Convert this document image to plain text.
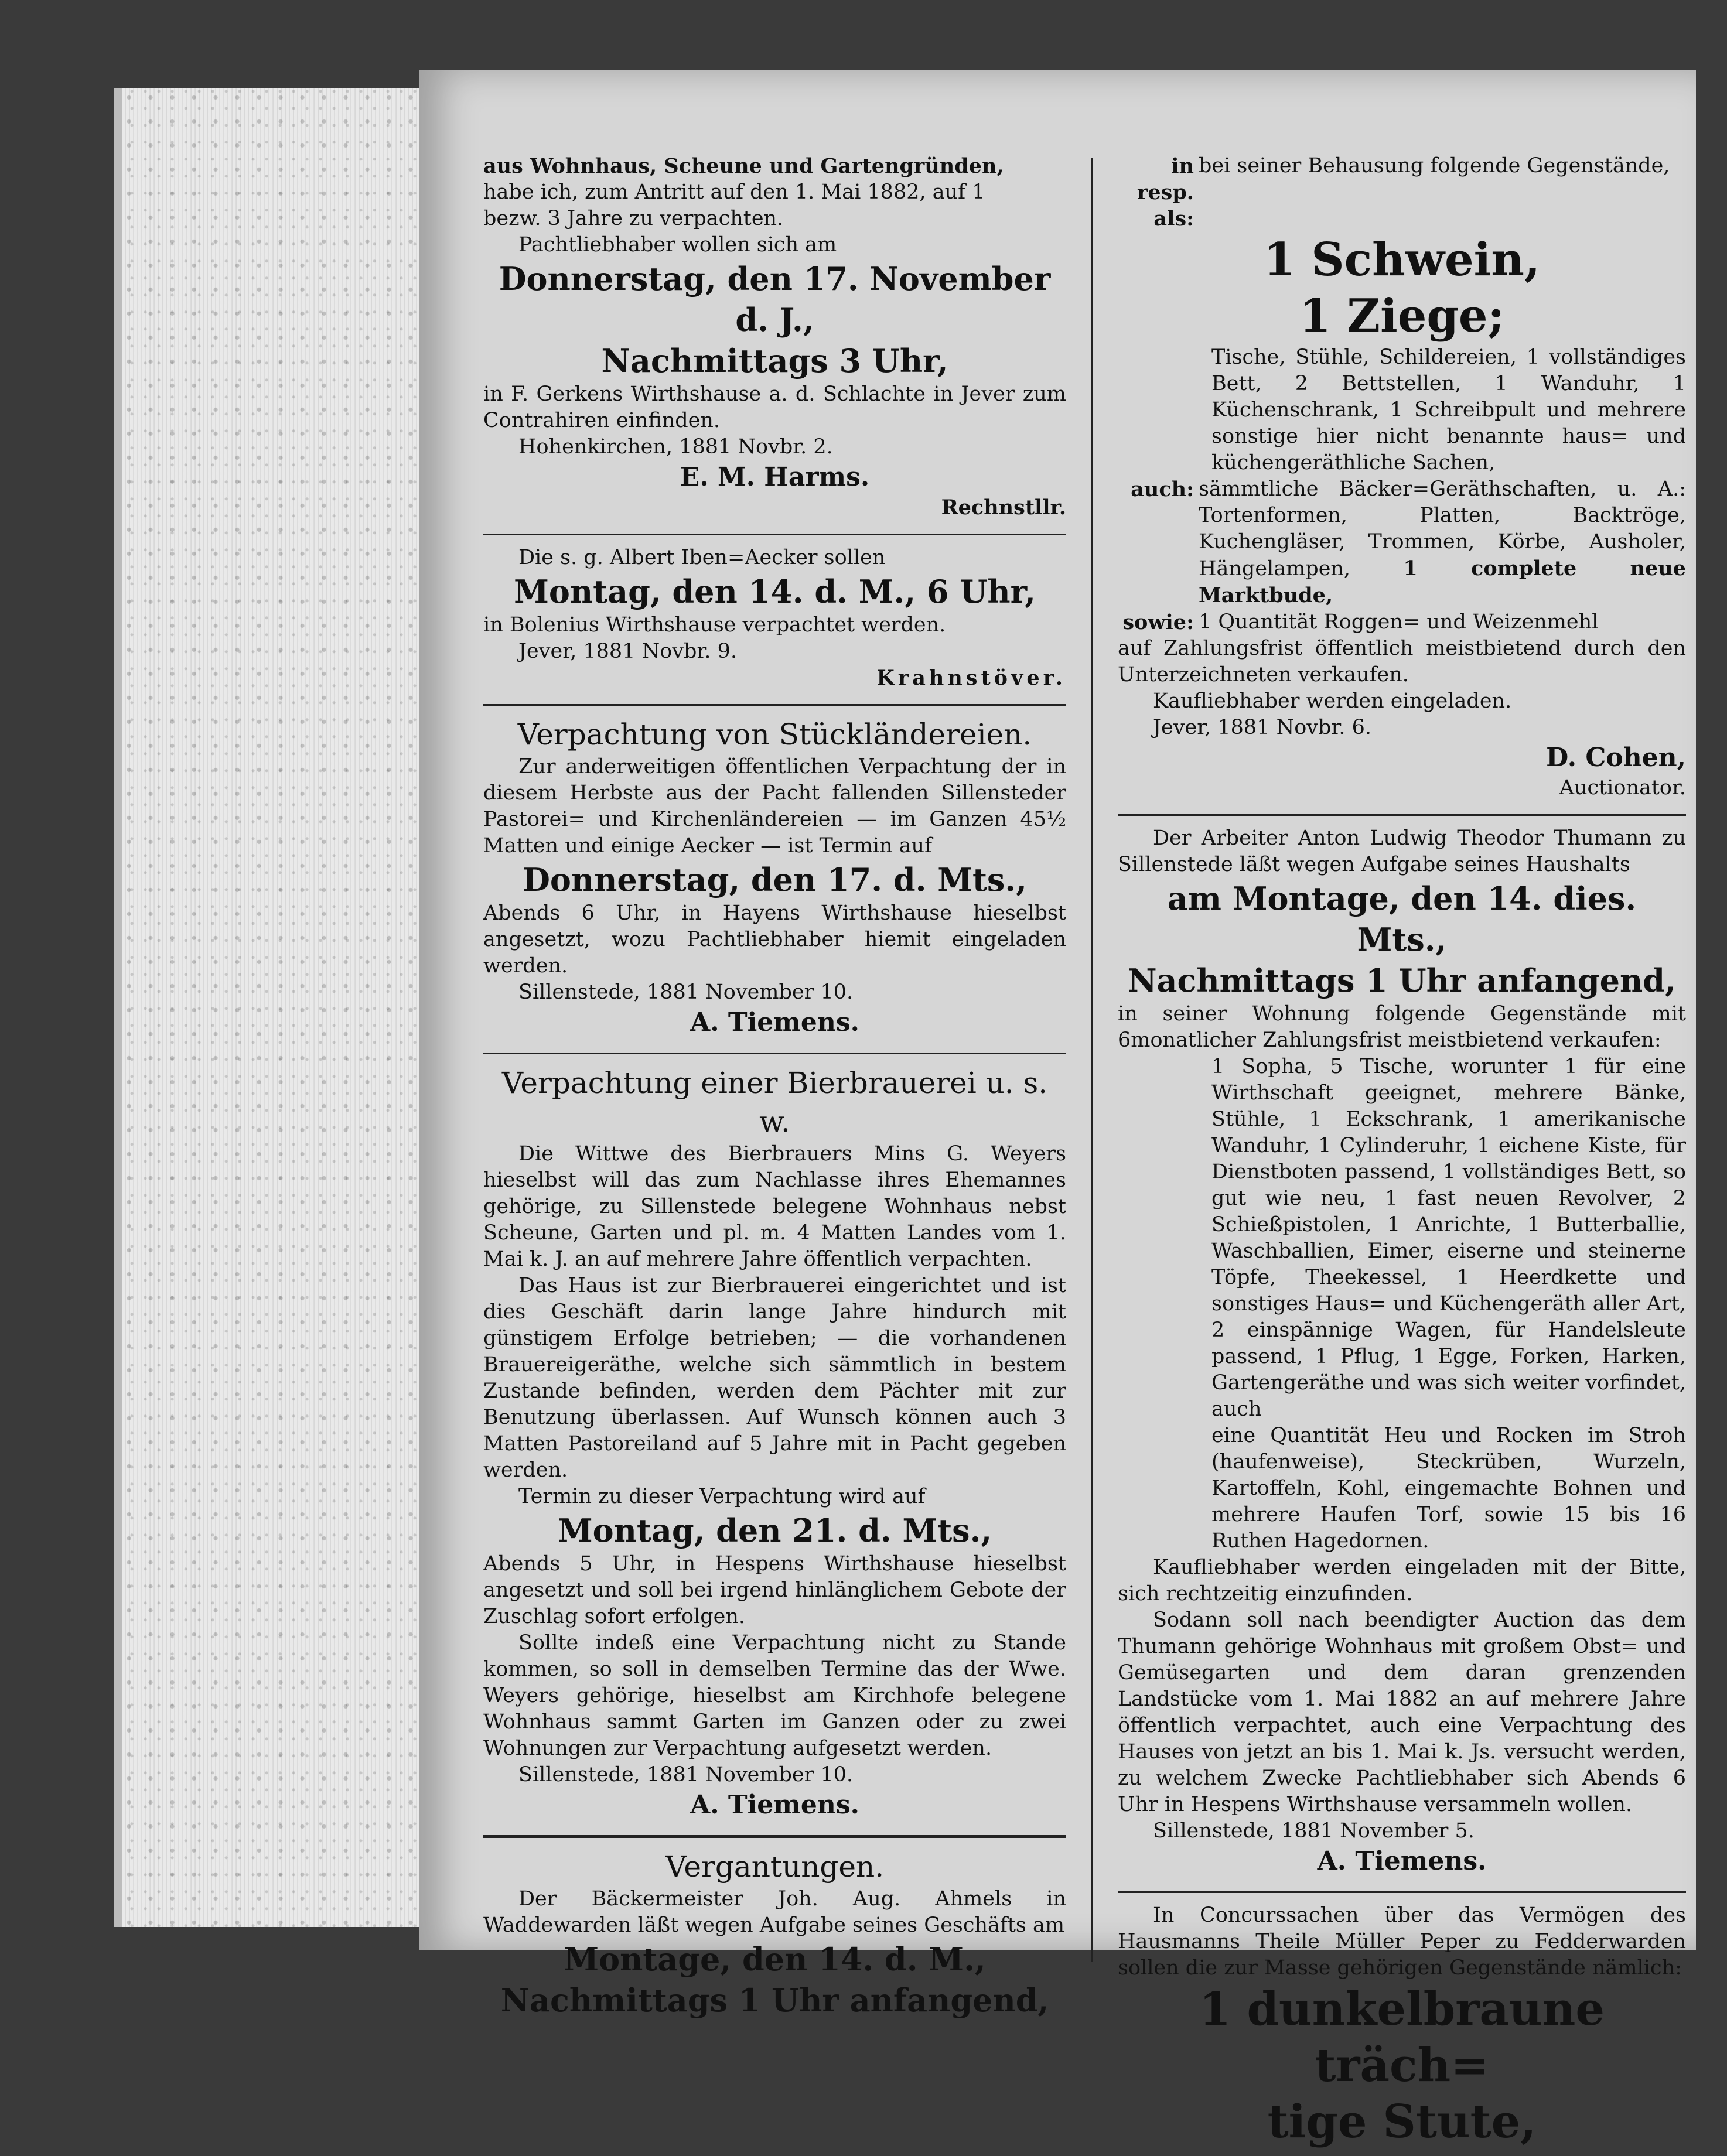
aus Wohnhaus, Scheune und Gartengründen,

habe ich, zum Antritt auf den 1. Mai 1882, auf 1

bezw. 3 Jahre zu verpachten.

Pachtliebhaber wollen sich am

Donnerstag, den 17. November d. J.,

Nachmittags 3 Uhr,

in F. Gerkens Wirthshause a. d. Schlachte in Jever zum Contrahiren einfinden.

Hohenkirchen, 1881 Novbr. 2.

E. M. Harms.

Rechnstllr.

Die s. g. Albert Iben=Aecker sollen

Montag, den 14. d. M., 6 Uhr,

in Bolenius Wirthshause verpachtet werden.

Jever, 1881 Novbr. 9.

Krahnstöver.

Verpachtung von Stückländereien.

Zur anderweitigen öffentlichen Verpachtung der in diesem Herbste aus der Pacht fallenden Sillensteder Pastorei= und Kirchenländereien — im Ganzen 45½ Matten und einige Aecker — ist Termin auf

Donnerstag, den 17. d. Mts.,

Abends 6 Uhr, in Hayens Wirthshause hieselbst angesetzt, wozu Pachtliebhaber hiemit eingeladen werden.

Sillenstede, 1881 November 10.

A. Tiemens.

Verpachtung einer Bierbrauerei u. s. w.

Die Wittwe des Bierbrauers Mins G. Weyers hieselbst will das zum Nachlasse ihres Ehemannes gehörige, zu Sillenstede belegene Wohnhaus nebst Scheune, Garten und pl. m. 4 Matten Landes vom 1. Mai k. J. an auf mehrere Jahre öffentlich verpachten.

Das Haus ist zur Bierbrauerei eingerichtet und ist dies Geschäft darin lange Jahre hindurch mit günstigem Erfolge betrieben; — die vorhandenen Brauereigeräthe, welche sich sämmtlich in bestem Zustande befinden, werden dem Pächter mit zur Benutzung überlassen. Auf Wunsch können auch 3 Matten Pastoreiland auf 5 Jahre mit in Pacht gegeben werden.

Termin zu dieser Verpachtung wird auf

Montag, den 21. d. Mts.,

Abends 5 Uhr, in Hespens Wirthshause hieselbst angesetzt und soll bei irgend hinlänglichem Gebote der Zuschlag sofort erfolgen.

Sollte indeß eine Verpachtung nicht zu Stande kommen, so soll in demselben Termine das der Wwe. Weyers gehörige, hieselbst am Kirchhofe belegene Wohnhaus sammt Garten im Ganzen oder zu zwei Wohnungen zur Verpachtung aufgesetzt werden.

Sillenstede, 1881 November 10.

A. Tiemens.

Vergantungen.

Der Bäckermeister Joh. Aug. Ahmels in Waddewarden läßt wegen Aufgabe seines Geschäfts am

Montage, den 14. d. M.,

Nachmittags 1 Uhr anfangend,

in resp.
bei seiner Behausung folgende Gegenstände,
als:

1 Schwein,

1 Ziege;

Tische, Stühle, Schildereien, 1 vollständiges Bett, 2 Bettstellen, 1 Wanduhr, 1 Küchenschrank, 1 Schreibpult und mehrere sonstige hier nicht benannte haus= und küchengeräthliche Sachen,

auch: sämmtliche Bäcker=Geräthschaften, u. A.: Tortenformen, Platten, Backtröge, Kuchengläser, Trommen, Körbe, Ausholer, Hängelampen,	1 complete neue Marktbude,
sowie: 1 Quantität Roggen= und Weizenmehl

auf Zahlungsfrist öffentlich meistbietend durch den Unterzeichneten verkaufen.

Kaufliebhaber werden eingeladen.

Jever, 1881 Novbr. 6.

D. Cohen,

Auctionator.

Der Arbeiter Anton Ludwig Theodor Thumann zu Sillenstede läßt wegen Aufgabe seines Haushalts

am Montage, den 14. dies. Mts.,

Nachmittags 1 Uhr anfangend,

in seiner Wohnung folgende Gegenstände mit 6monatlicher Zahlungsfrist meistbietend verkaufen:

1 Sopha, 5 Tische, worunter 1 für eine Wirthschaft geeignet, mehrere Bänke, Stühle, 1 Eckschrank, 1 amerikanische Wanduhr, 1 Cylinderuhr, 1 eichene Kiste, für Dienstboten passend, 1 vollständiges Bett, so gut wie neu, 1 fast neuen Revolver, 2 Schießpistolen, 1 Anrichte, 1 Butterballie, Waschballien, Eimer, eiserne und steinerne Töpfe, Theekessel, 1 Heerdkette und sonstiges Haus= und Küchengeräth aller Art, 2 einspännige Wagen, für Handelsleute passend, 1 Pflug, 1 Egge, Forken, Harken, Gartengeräthe und was sich weiter vorfindet, auch

eine Quantität Heu und Rocken im Stroh (haufenweise), Steckrüben, Wurzeln, Kartoffeln, Kohl, eingemachte Bohnen und mehrere Haufen Torf, sowie 15 bis 16 Ruthen Hagedornen.

Kaufliebhaber werden eingeladen mit der Bitte, sich rechtzeitig einzufinden.

Sodann soll nach beendigter Auction das dem Thumann gehörige Wohnhaus mit großem Obst= und Gemüsegarten und dem daran grenzenden Landstücke vom 1. Mai 1882 an auf mehrere Jahre öffentlich verpachtet, auch eine Verpachtung des Hauses von jetzt an bis 1. Mai k. Js. versucht werden, zu welchem Zwecke Pachtliebhaber sich Abends 6 Uhr in Hespens Wirthshause versammeln wollen.

Sillenstede, 1881 November 5.

A. Tiemens.

In Concurssachen über das Vermögen des Hausmanns Theile Müller Peper zu Fedderwarden sollen die zur Masse gehörigen Gegenstände nämlich:

1 dunkelbraune träch=

tige Stute,
